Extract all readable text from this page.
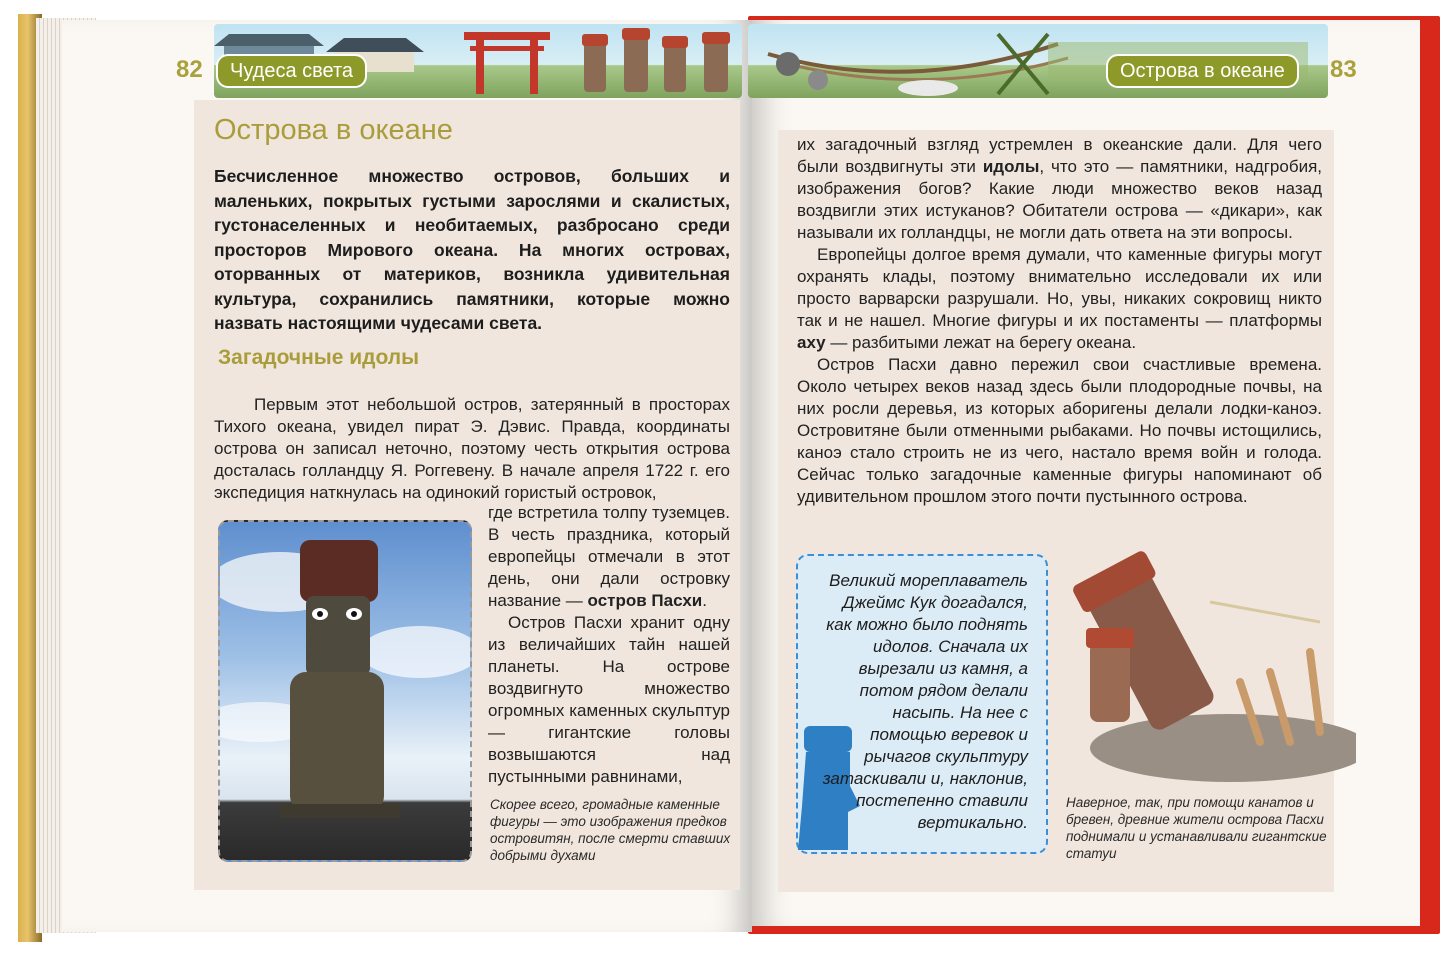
82	Чудеса света	Острова в океане	83
Острова в океане
Бесчисленное множество островов, больших и маленьких, покрытых густыми зарослями и скалистых, густонаселенных и необитаемых, разбросано среди просторов Мирового океана. На многих островах, оторванных от материков, возникла удивительная культура, сохранились памятники, которые можно назвать настоящими чудесами света.
Загадочные идолы

Первым этот небольшой остров, затерянный в просторах Тихого океана, увидел пират Э. Дэвис. Правда, координаты острова он записал неточно, поэтому честь открытия острова досталась голландцу Я. Роггевену. В начале апреля 1722 г. его экспедиция наткнулась на одинокий гористый островок,

где встретила толпу туземцев. В честь праздника, который европейцы отмечали в этот день, они дали островку название — остров Пасхи.

Остров Пасхи хранит одну из величайших тайн нашей планеты. На острове воздвигнуто множество огромных каменных скульптур — гигантские головы возвышаются над пустынными равнинами,

Скорее всего, громадные каменные фигуры — это изображения предков островитян, после смерти ставших добрыми духами

их загадочный взгляд устремлен в океанские дали. Для чего были воздвигнуты эти идолы, что это — памятники, надгробия, изображения богов? Какие люди множество веков назад воздвигли этих истуканов? Обитатели острова — «дикари», как называли их голландцы, не могли дать ответа на эти вопросы.

Европейцы долгое время думали, что каменные фигуры могут охранять клады, поэтому внимательно исследовали их или просто варварски разрушали. Но, увы, никаких сокровищ никто так и не нашел. Многие фигуры и их постаменты — платформы аху — разбитыми лежат на берегу океана.

Остров Пасхи давно пережил свои счастливые времена. Около четырех веков назад здесь были плодородные почвы, на них росли деревья, из которых аборигены делали лодки-каноэ. Островитяне были отменными рыбаками. Но почвы истощились, каноэ стало строить не из чего, настало время войн и голода. Сейчас только загадочные каменные фигуры напоминают об удивительном прошлом этого почти пустынного острова.

Великий мореплаватель Джеймс Кук догадался, как можно было поднять идолов. Сначала их вырезали из камня, а потом рядом делали насыпь. На нее с помощью веревок и рычагов скульптуру затаскивали и, наклонив, постепенно ставили вертикально.
Наверное, так, при помощи канатов и бревен, древние жители острова Пасхи поднимали и устанавливали гигантские статуи
